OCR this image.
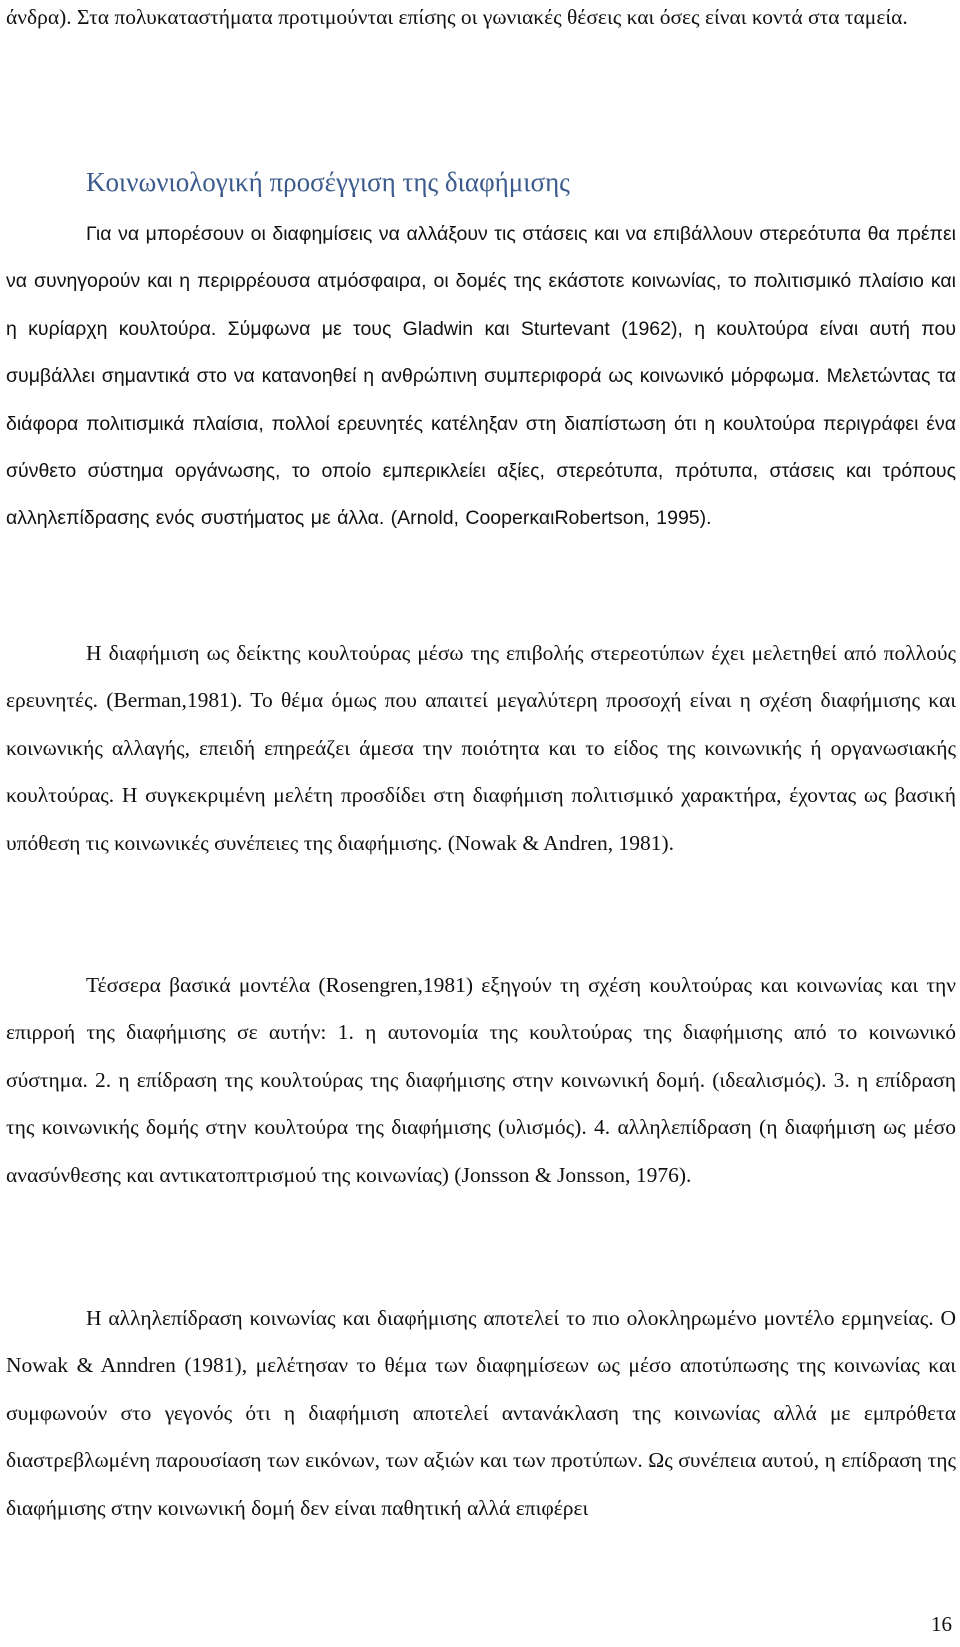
άνδρα). Στα πολυκαταστήματα προτιμούνται επίσης οι γωνιακές θέσεις και όσες είναι κοντά στα ταμεία.

Κοινωνιολογική προσέγγιση της διαφήμισης

Για να μπορέσουν οι διαφημίσεις να αλλάξουν τις στάσεις και να επιβάλλουν στερεότυπα θα πρέπει να συνηγορούν και η περιρρέουσα ατμόσφαιρα, οι δομές της εκάστοτε κοινωνίας, το πολιτισμικό πλαίσιο και η κυρίαρχη κουλτούρα. Σύμφωνα με τους Gladwin και Sturtevant (1962), η κουλτούρα είναι αυτή που συμβάλλει σημαντικά στο να κατανοηθεί η ανθρώπινη συμπεριφορά ως κοινωνικό μόρφωμα. Μελετώντας τα διάφορα πολιτισμικά πλαίσια, πολλοί ερευνητές κατέληξαν στη διαπίστωση ότι η κουλτούρα περιγράφει ένα σύνθετο σύστημα οργάνωσης, το οποίο εμπερικλείει αξίες, στερεότυπα, πρότυπα, στάσεις και τρόπους αλληλεπίδρασης ενός συστήματος με άλλα. (Arnold, CooperκαιRobertson, 1995).

Η διαφήμιση ως δείκτης κουλτούρας μέσω της επιβολής στερεοτύπων έχει μελετηθεί από πολλούς ερευνητές. (Berman,1981). Το θέμα όμως που απαιτεί μεγαλύτερη προσοχή είναι η σχέση διαφήμισης και κοινωνικής αλλαγής, επειδή επηρεάζει άμεσα την ποιότητα και το είδος της κοινωνικής ή οργανωσιακής κουλτούρας. Η συγκεκριμένη μελέτη προσδίδει στη διαφήμιση πολιτισμικό χαρακτήρα, έχοντας ως βασική υπόθεση τις κοινωνικές συνέπειες της διαφήμισης. (Nowak & Andren, 1981).

Τέσσερα βασικά μοντέλα (Rosengren,1981) εξηγούν τη σχέση κουλτούρας και κοινωνίας και την επιρροή της διαφήμισης σε αυτήν: 1. η αυτονομία της κουλτούρας της διαφήμισης από το κοινωνικό σύστημα. 2. η επίδραση της κουλτούρας της διαφήμισης στην κοινωνική δομή. (ιδεαλισμός). 3. η επίδραση της κοινωνικής δομής στην κουλτούρα της διαφήμισης (υλισμός). 4. αλληλεπίδραση (η διαφήμιση ως μέσο ανασύνθεσης και αντικατοπτρισμού της κοινωνίας) (Jonsson & Jonsson, 1976).

Η αλληλεπίδραση κοινωνίας και διαφήμισης αποτελεί το πιο ολοκληρωμένο μοντέλο ερμηνείας. Ο Nowak & Anndren (1981), μελέτησαν το θέμα των διαφημίσεων ως μέσο αποτύπωσης της κοινωνίας και συμφωνούν στο γεγονός ότι η διαφήμιση αποτελεί αντανάκλαση της κοινωνίας αλλά με εμπρόθετα διαστρεβλωμένη παρουσίαση των εικόνων, των αξιών και των προτύπων. Ως συνέπεια αυτού, η επίδραση της διαφήμισης στην κοινωνική δομή δεν είναι παθητική αλλά επιφέρει

16
